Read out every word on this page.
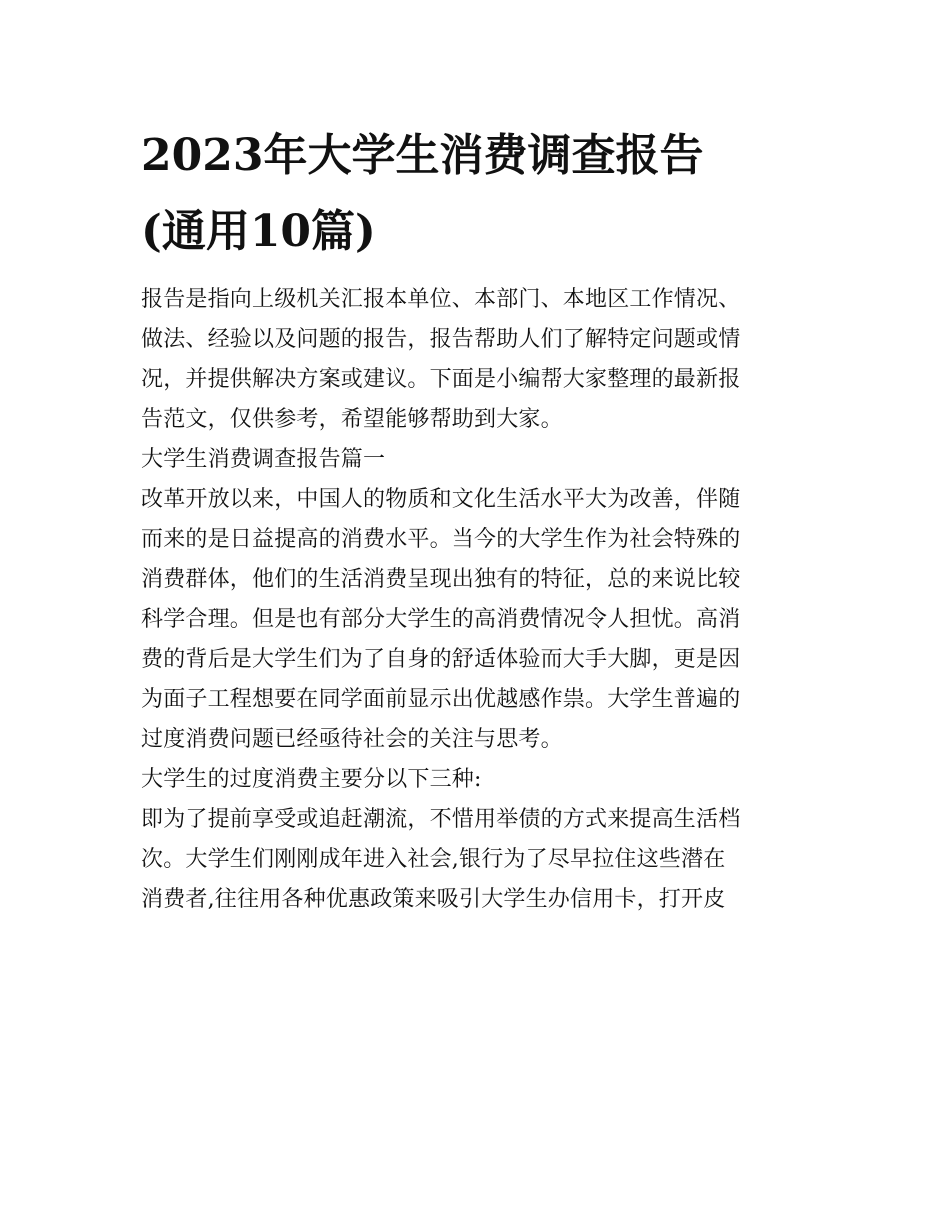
2023年大学生消费调查报告
(通用10篇)

报告是指向上级机关汇报本单位、本部门、本地区工作情况、
做法、经验以及问题的报告，报告帮助人们了解特定问题或情
况，并提供解决方案或建议。下面是小编帮大家整理的最新报
告范文，仅供参考，希望能够帮助到大家。

大学生消费调查报告篇一

改革开放以来，中国人的物质和文化生活水平大为改善，伴随
而来的是日益提高的消费水平。当今的大学生作为社会特殊的
消费群体，他们的生活消费呈现出独有的特征，总的来说比较
科学合理。但是也有部分大学生的高消费情况令人担忧。高消
费的背后是大学生们为了自身的舒适体验而大手大脚，更是因
为面子工程想要在同学面前显示出优越感作祟。大学生普遍的
过度消费问题已经亟待社会的关注与思考。

大学生的过度消费主要分以下三种:

即为了提前享受或追赶潮流，不惜用举债的方式来提高生活档
次。大学生们刚刚成年进入社会,银行为了尽早拉住这些潜在
消费者,往往用各种优惠政策来吸引大学生办信用卡，打开皮
